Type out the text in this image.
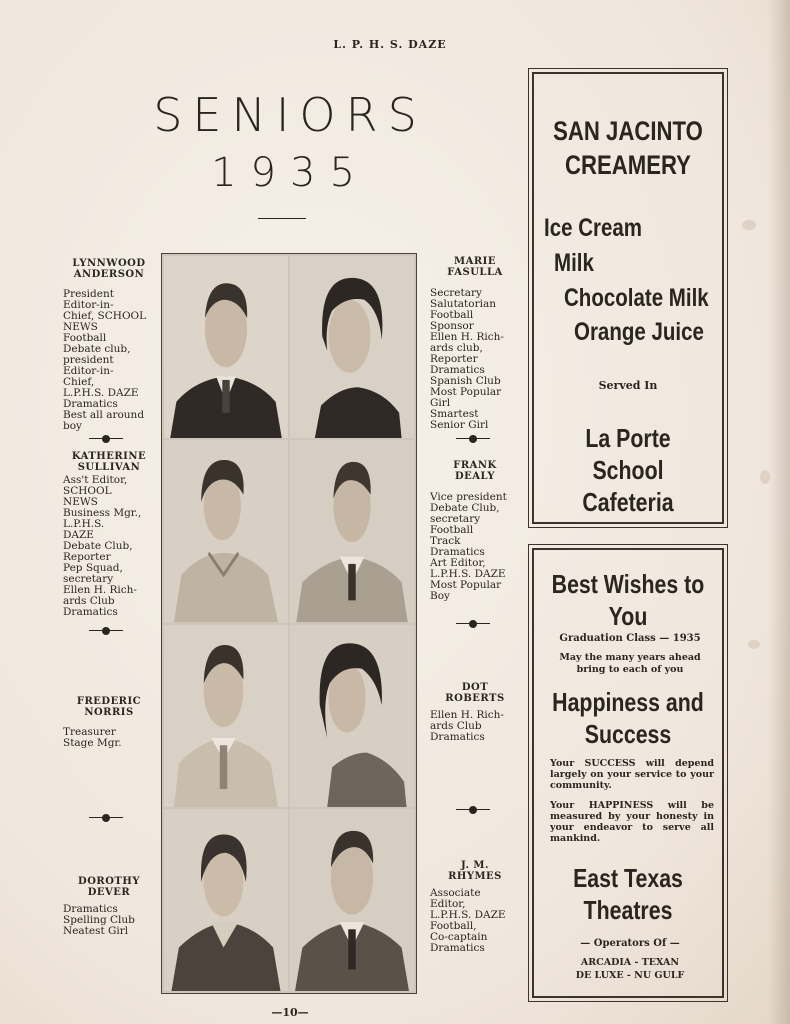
L. P. H. S. DAZE
SENIORS
1935
LYNNWOOD
ANDERSON
President
Editor-in-
Chief, SCHOOL
NEWS
Football
Debate club,
president
Editor-in-
Chief,
L.P.H.S. DAZE
Dramatics
Best all around
boy
KATHERINE
SULLIVAN
Ass't Editor,
SCHOOL
NEWS
Business Mgr.,
L.P.H.S.
DAZE
Debate Club,
Reporter
Pep Squad,
secretary
Ellen H. Rich-
ards Club
Dramatics
FREDERIC
NORRIS
Treasurer
Stage Mgr.
DOROTHY
DEVER
Dramatics
Spelling Club
Neatest Girl
MARIE
FASULLA
Secretary
Salutatorian
Football
Sponsor
Ellen H. Rich-
ards club,
Reporter
Dramatics
Spanish Club
Most Popular
Girl
Smartest
Senior Girl
FRANK
DEALY
Vice president
Debate Club,
secretary
Football
Track
Dramatics
Art Editor,
L.P.H.S. DAZE
Most Popular
Boy
DOT
ROBERTS
Ellen H. Rich-
ards Club
Dramatics
J. M.
RHYMES
Associate
Editor,
L.P.H.S. DAZE
Football,
Co-captain
Dramatics
SAN JACINTO
CREAMERY
Ice Cream
Milk
Chocolate Milk
Orange Juice
Served In
La Porte School
Cafeteria
Best Wishes to
You
Graduation Class — 1935
May the many years ahead
bring to each of you
Happiness and
Success
Your SUCCESS will depend largely on your service to your community.
Your HAPPINESS will be measured by your honesty in your endeavor to serve all mankind.
East Texas
Theatres
— Operators Of —
ARCADIA - TEXAN
DE LUXE - NU GULF
—10—
